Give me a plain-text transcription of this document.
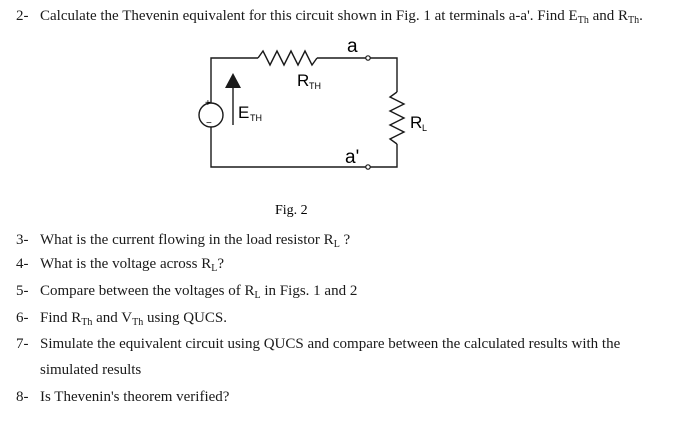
2- Calculate the Thevenin equivalent for this circuit shown in Fig. 1 at terminals a-a'. Find $E_{Th}$ and $R_{Th}$.
+
−
E TH
R TH
a
a'
R L
Fig. 2
3- What is the current flowing in the load resistor $R_L$ ?
4- What is the voltage across $R_L$?
5- Compare between the voltages of $R_L$ in Figs. 1 and 2
6- Find $R_{Th}$ and $V_{Th}$ using QUCS.
7- Simulate the equivalent circuit using QUCS and compare between the calculated results with the
simulated results
8- Is Thevenin's theorem verified?
